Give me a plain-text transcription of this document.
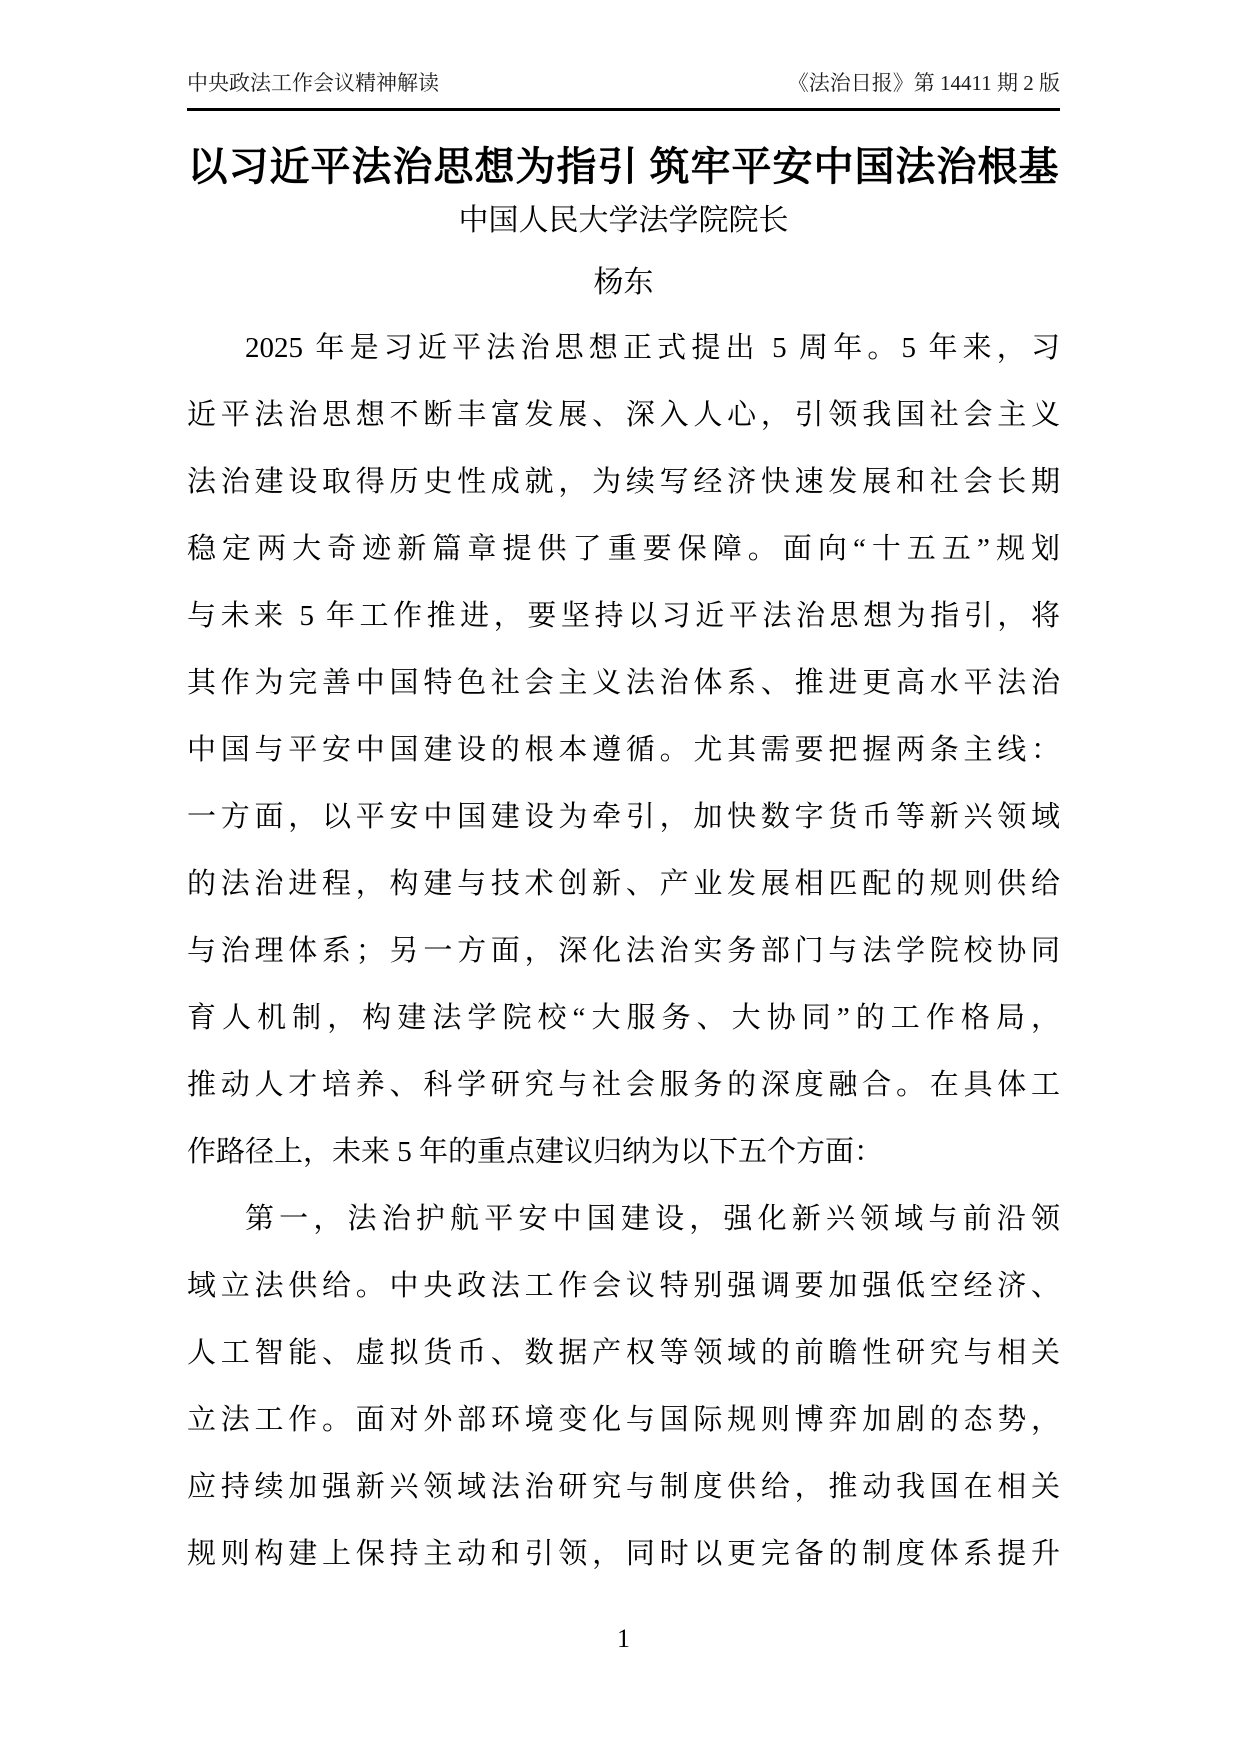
中央政法工作会议精神解读	《法治日报》第 14411 期 2 版
以习近平法治思想为指引 筑牢平安中国法治根基
中国人民大学法学院院长
杨东
2025 年是习近平法治思想正式提出 5 周年。5 年来，习
近平法治思想不断丰富发展、深入人心，引领我国社会主义
法治建设取得历史性成就，为续写经济快速发展和社会长期
稳定两大奇迹新篇章提供了重要保障。面向“十五五”规划
与未来 5 年工作推进，要坚持以习近平法治思想为指引，将
其作为完善中国特色社会主义法治体系、推进更高水平法治
中国与平安中国建设的根本遵循。尤其需要把握两条主线：
一方面，以平安中国建设为牵引，加快数字货币等新兴领域
的法治进程，构建与技术创新、产业发展相匹配的规则供给
与治理体系；另一方面，深化法治实务部门与法学院校协同
育人机制，构建法学院校“大服务、大协同”的工作格局，
推动人才培养、科学研究与社会服务的深度融合。在具体工
作路径上，未来 5 年的重点建议归纳为以下五个方面：
第一，法治护航平安中国建设，强化新兴领域与前沿领
域立法供给。中央政法工作会议特别强调要加强低空经济、
人工智能、虚拟货币、数据产权等领域的前瞻性研究与相关
立法工作。面对外部环境变化与国际规则博弈加剧的态势，
应持续加强新兴领域法治研究与制度供给，推动我国在相关
规则构建上保持主动和引领，同时以更完备的制度体系提升
1
